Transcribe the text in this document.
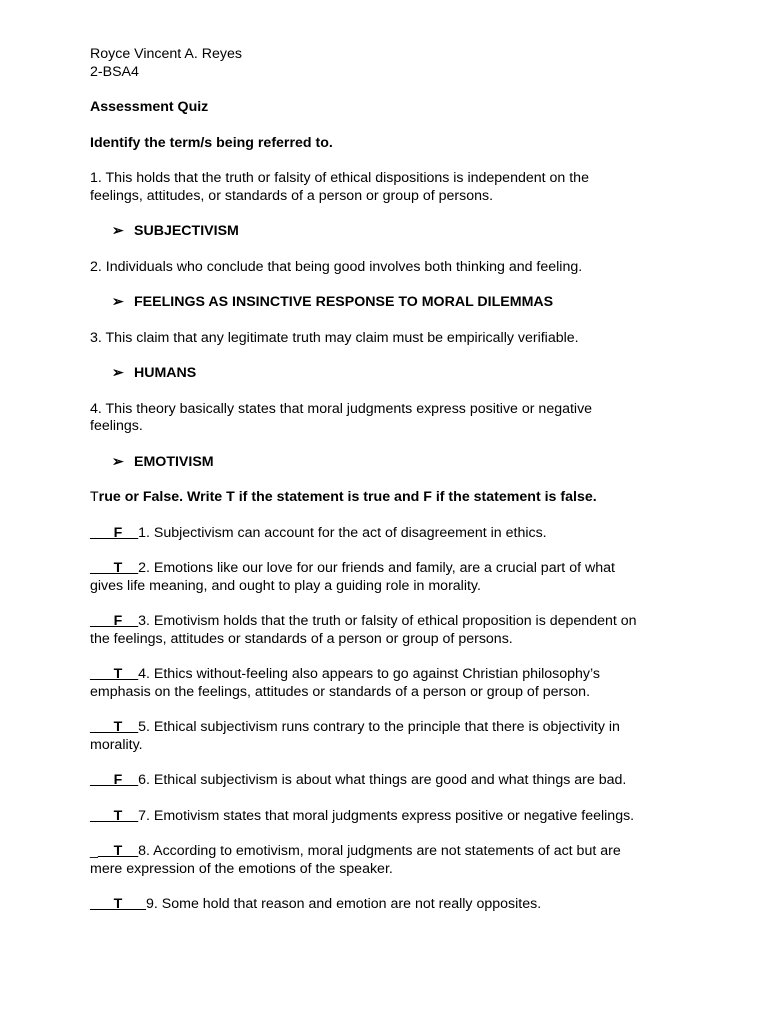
Royce Vincent A. Reyes
2-BSA4
Assessment Quiz
Identify the term/s being referred to.
1. This holds that the truth or falsity of ethical dispositions is independent on the
feelings, attitudes, or standards of a person or group of persons.
➢ SUBJECTIVISM
2. Individuals who conclude that being good involves both thinking and feeling.
➢ FEELINGS AS INSINCTIVE RESPONSE TO MORAL DILEMMAS
3. This claim that any legitimate truth may claim must be empirically verifiable.
➢ HUMANS
4. This theory basically states that moral judgments express positive or negative
feelings.
➢ EMOTIVISM
True or False. Write T if the statement is true and F if the statement is false.
___F__1. Subjectivism can account for the act of disagreement in ethics.
___T__2. Emotions like our love for our friends and family, are a crucial part of what
gives life meaning, and ought to play a guiding role in morality.
___F__3. Emotivism holds that the truth or falsity of ethical proposition is dependent on
the feelings, attitudes or standards of a person or group of persons.
___T__4. Ethics without-feeling also appears to go against Christian philosophy’s
emphasis on the feelings, attitudes or standards of a person or group of person.
___T__5. Ethical subjectivism runs contrary to the principle that there is objectivity in
morality.
___F__6. Ethical subjectivism is about what things are good and what things are bad.
___T__7. Emotivism states that moral judgments express positive or negative feelings.
___T__8. According to emotivism, moral judgments are not statements of act but are
mere expression of the emotions of the speaker.
___T___9. Some hold that reason and emotion are not really opposites.
